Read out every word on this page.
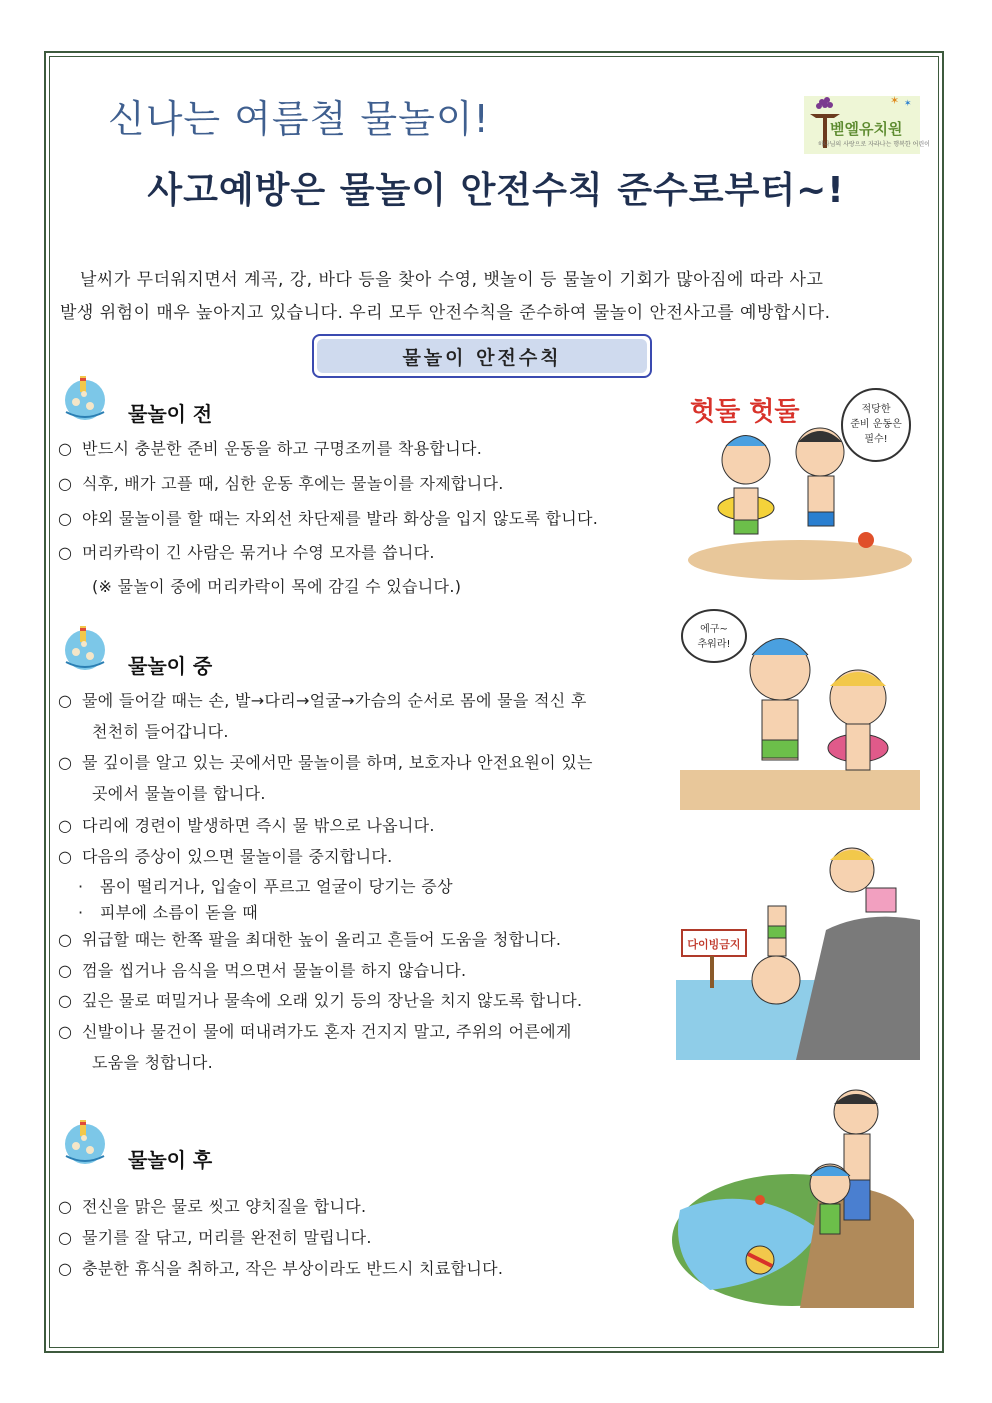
신나는 여름철 물놀이!
사고예방은 물놀이 안전수칙 준수로부터~!
✶ ✶
벧엘유치원
하나님의 사랑으로 자라나는 행복한 어린이
날씨가 무더워지면서 계곡, 강, 바다 등을 찾아 수영, 뱃놀이 등 물놀이 기회가 많아짐에 따라 사고
발생 위험이 매우 높아지고 있습니다. 우리 모두 안전수칙을 준수하여 물놀이 안전사고를 예방합시다.
물놀이 안전수칙
물놀이 전
○ 반드시 충분한 준비 운동을 하고 구명조끼를 착용합니다.
○ 식후, 배가 고플 때, 심한 운동 후에는 물놀이를 자제합니다.
○ 야외 물놀이를 할 때는 자외선 차단제를 발라 화상을 입지 않도록 합니다.
○ 머리카락이 긴 사람은 묶거나 수영 모자를 씁니다.
(※ 물놀이 중에 머리카락이 목에 감길 수 있습니다.)
헛둘 헛둘	적당한
준비 운동은
필수!
물놀이 중
○ 물에 들어갈 때는 손, 발→다리→얼굴→가슴의 순서로 몸에 물을 적신 후
천천히 들어갑니다.
○ 물 깊이를 알고 있는 곳에서만 물놀이를 하며, 보호자나 안전요원이 있는
곳에서 물놀이를 합니다.
○ 다리에 경련이 발생하면 즉시 물 밖으로 나옵니다.
○ 다음의 증상이 있으면 물놀이를 중지합니다.
· 몸이 떨리거나, 입술이 푸르고 얼굴이 당기는 증상
· 피부에 소름이 돋을 때
○ 위급할 때는 한쪽 팔을 최대한 높이 올리고 흔들어 도움을 청합니다.
○ 껌을 씹거나 음식을 먹으면서 물놀이를 하지 않습니다.
○ 깊은 물로 떠밀거나 물속에 오래 있기 등의 장난을 치지 않도록 합니다.
○ 신발이나 물건이 물에 떠내려가도 혼자 건지지 말고, 주위의 어른에게
도움을 청합니다.
에구~
추워라!
다이빙금지
물놀이 후
○ 전신을 맑은 물로 씻고 양치질을 합니다.
○ 물기를 잘 닦고, 머리를 완전히 말립니다.
○ 충분한 휴식을 취하고, 작은 부상이라도 반드시 치료합니다.
